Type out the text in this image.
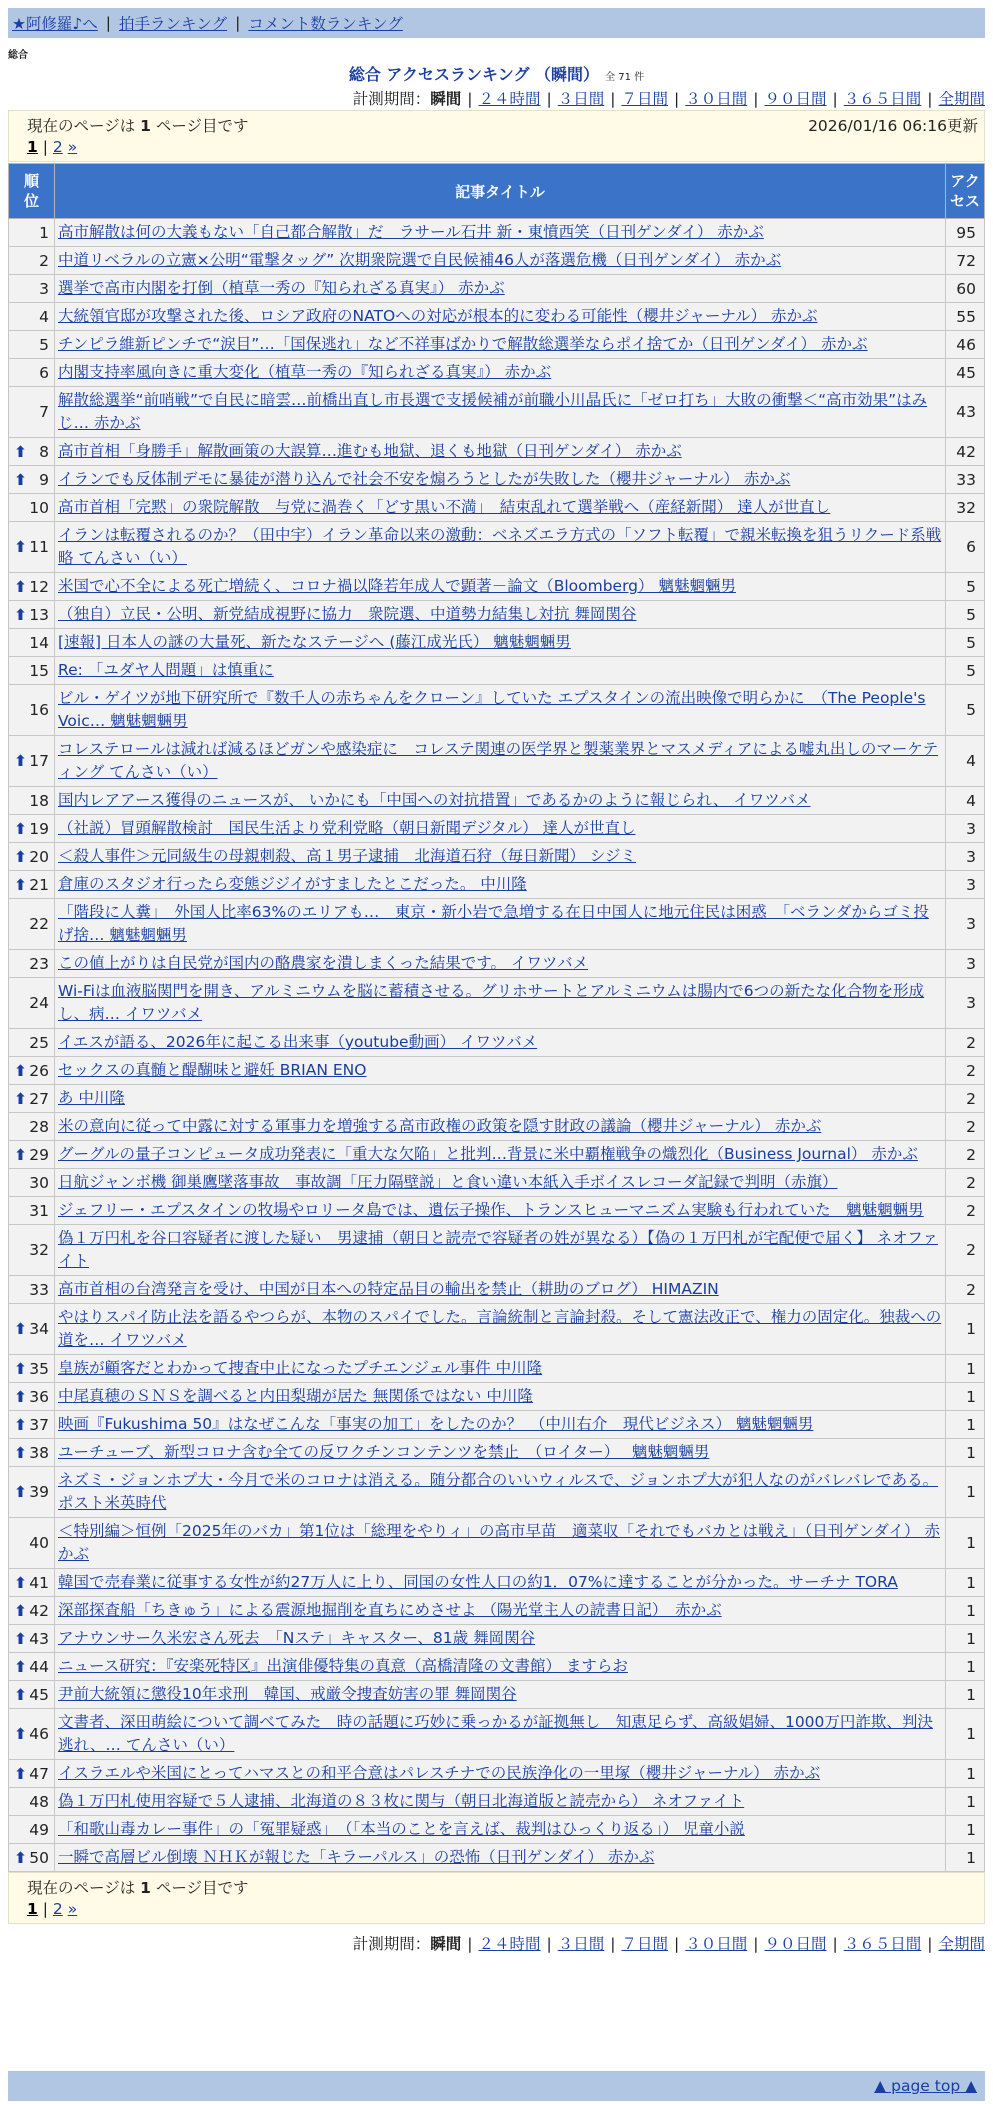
★阿修羅♪へ | 拍手ランキング | コメント数ランキング
総合
総合 アクセスランキング （瞬間） 全 71 件
計測期間：瞬間 | ２４時間 | ３日間 | ７日間 | ３０日間 | ９０日間 | ３６５日間 | 全期間
現在のページは 1 ページ目です	2026/01/16 06:16更新
1 | 2 »
順位	記事タイトル	アクセス
1	高市解散は何の大義もない「自己都合解散」だ　ラサール石井 新・東憤西笑（日刊ゲンダイ） 赤かぶ	95
2	中道リベラルの立憲×公明“電撃タッグ” 次期衆院選で自民候補46人が落選危機（日刊ゲンダイ） 赤かぶ	72
3	選挙で高市内閣を打倒（植草一秀の『知られざる真実』） 赤かぶ	60
4	大統領官邸が攻撃された後、ロシア政府のNATOへの対応が根本的に変わる可能性（櫻井ジャーナル） 赤かぶ	55
5	チンピラ維新ピンチで“涙目”…「国保逃れ」など不祥事ばかりで解散総選挙ならポイ捨てか（日刊ゲンダイ） 赤かぶ	46
6	内閣支持率風向きに重大変化（植草一秀の『知られざる真実』） 赤かぶ	45
7	解散総選挙“前哨戦”で自民に暗雲…前橋出直し市長選で支援候補が前職小川晶氏に「ゼロ打ち」大敗の衝撃＜“高市効果”はみじ… 赤かぶ	43

⬆ 8	高市首相「身勝手」解散画策の大誤算…進むも地獄、退くも地獄（日刊ゲンダイ） 赤かぶ	42

⬆ 9	イランでも反体制デモに暴徒が潜り込んで社会不安を煽ろうとしたが失敗した（櫻井ジャーナル） 赤かぶ	33
10	高市首相「完黙」の衆院解散　与党に渦巻く「どす黒い不満」　結束乱れて選挙戦へ（産経新聞） 達人が世直し	32

⬆ 11	イランは転覆されるのか？（田中宇）イラン革命以来の激動：ベネズエラ方式の「ソフト転覆」で親米転換を狙うリクード系戦略 てんさい（い）	6

⬆ 12	米国で心不全による死亡増続く、コロナ禍以降若年成人で顕著－論文（Bloomberg） 魑魅魍魎男	5

⬆ 13	（独自）立民・公明、新党結成視野に協力　衆院選、中道勢力結集し対抗 舞岡関谷	5
14	[速報] 日本人の謎の大量死、新たなステージへ (藤江成光氏） 魑魅魍魎男	5
15	Re: 「ユダヤ人問題」は慎重に	5
16	ビル・ゲイツが地下研究所で『数千人の赤ちゃんをクローン』していた エプスタインの流出映像で明らかに　（The People's Voic… 魑魅魍魎男	5

⬆ 17	コレステロールは減れば減るほどガンや感染症に　コレステ関連の医学界と製薬業界とマスメディアによる嘘丸出しのマーケティング てんさい（い）	4
18	国内レアアース獲得のニュースが、 いかにも「中国への対抗措置」であるかのように報じられ、 イワツバメ	4

⬆ 19	（社説）冒頭解散検討　国民生活より党利党略（朝日新聞デジタル） 達人が世直し	3

⬆ 20	＜殺人事件＞元同級生の母親刺殺、高１男子逮捕　北海道石狩（毎日新聞） シジミ	3

⬆ 21	倉庫のスタジオ行ったら変態ジジイがすましたとこだった。 中川隆	3
22	「階段に人糞」　外国人比率63%のエリアも…　東京・新小岩で急増する在日中国人に地元住民は困惑　「ベランダからゴミ投げ捨… 魑魅魍魎男	3
23	この値上がりは自民党が国内の酪農家を潰しまくった結果です。 イワツバメ	3
24	Wi-Fiは血液脳関門を開き、アルミニウムを脳に蓄積させる。グリホサートとアルミニウムは腸内で6つの新たな化合物を形成し、病… イワツバメ	3
25	イエスが語る、2026年に起こる出来事（youtube動画） イワツバメ	2

⬆ 26	セックスの真髄と醍醐味と避妊 BRIAN ENO	2

⬆ 27	あ 中川隆	2
28	米の意向に従って中露に対する軍事力を増強する高市政権の政策を隠す財政の議論（櫻井ジャーナル） 赤かぶ	2

⬆ 29	グーグルの量子コンピュータ成功発表に「重大な欠陥」と批判…背景に米中覇権戦争の熾烈化（Business Journal） 赤かぶ	2
30	日航ジャンボ機 御巣鷹墜落事故　事故調「圧力隔壁説」と食い違い本紙入手ボイスレコーダ記録で判明（赤旗）	2
31	ジェフリー・エプスタインの牧場やロリータ島では、遺伝子操作、トランスヒューマニズム実験も行われていた　魑魅魍魎男	2
32	偽１万円札を谷口容疑者に渡した疑い　男逮捕（朝日と読売で容疑者の姓が異なる）【偽の１万円札が宅配便で届く】 ネオファイト	2
33	高市首相の台湾発言を受け、中国が日本への特定品目の輸出を禁止（耕助のブログ） HIMAZIN	2

⬆ 34	やはりスパイ防止法を語るやつらが、本物のスパイでした。言論統制と言論封殺。そして憲法改正で、権力の固定化。独裁への道を… イワツバメ	1

⬆ 35	皇族が顧客だとわかって捜査中止になったプチエンジェル事件 中川隆	1

⬆ 36	中尾真穂のＳＮＳを調べると内田梨瑚が居た 無関係ではない 中川隆	1

⬆ 37	映画『Fukushima 50』はなぜこんな「事実の加工」をしたのか？　（中川右介　現代ビジネス） 魑魅魍魎男	1

⬆ 38	ユーチューブ、新型コロナ含む全ての反ワクチンコンテンツを禁止　（ロイター）　 魑魅魍魎男	1

⬆ 39	ネズミ・ジョンホプ大・今月で米のコロナは消える。随分都合のいいウィルスで、ジョンホプ大が犯人なのがバレバレである。 ポスト米英時代	1
40	＜特別編＞恒例「2025年のバカ」第1位は「総理をやりィ」の高市早苗　適菜収「それでもバカとは戦え」（日刊ゲンダイ） 赤かぶ	1

⬆ 41	韓国で売春業に従事する女性が約27万人に上り、同国の女性人口の約1．07%に達することが分かった。サーチナ TORA	1

⬆ 42	深部探査船「ちきゅう」による震源地掘削を直ちにめさせよ （陽光堂主人の読書日記）　赤かぶ	1

⬆ 43	アナウンサー久米宏さん死去　「Nステ」キャスター、81歳 舞岡関谷	1

⬆ 44	ニュース研究：『安楽死特区』出演俳優特集の真意（高橋清隆の文書館） ますらお	1

⬆ 45	尹前大統領に懲役10年求刑　韓国、戒厳令捜査妨害の罪 舞岡関谷	1

⬆ 46	文書者、深田萌絵について調べてみた　時の話題に巧妙に乗っかるが証拠無し　知恵足らず、高級娼婦、1000万円詐欺、判決逃れ、… てんさい（い）	1

⬆ 47	イスラエルや米国にとってハマスとの和平合意はパレスチナでの民族浄化の一里塚（櫻井ジャーナル） 赤かぶ	1
48	偽１万円札使用容疑で５人逮捕、北海道の８３枚に関与（朝日北海道版と読売から） ネオファイト	1
49	「和歌山毒カレー事件」の「冤罪疑惑」　（「本当のことを言えば、裁判はひっくり返る」） 児童小説	1

⬆ 50	一瞬で高層ビル倒壊 ＮＨＫが報じた「キラーパルス」の恐怖（日刊ゲンダイ） 赤かぶ	1
現在のページは 1 ページ目です
1 | 2 »
計測期間：瞬間 | ２４時間 | ３日間 | ７日間 | ３０日間 | ９０日間 | ３６５日間 | 全期間
▲ page top ▲
